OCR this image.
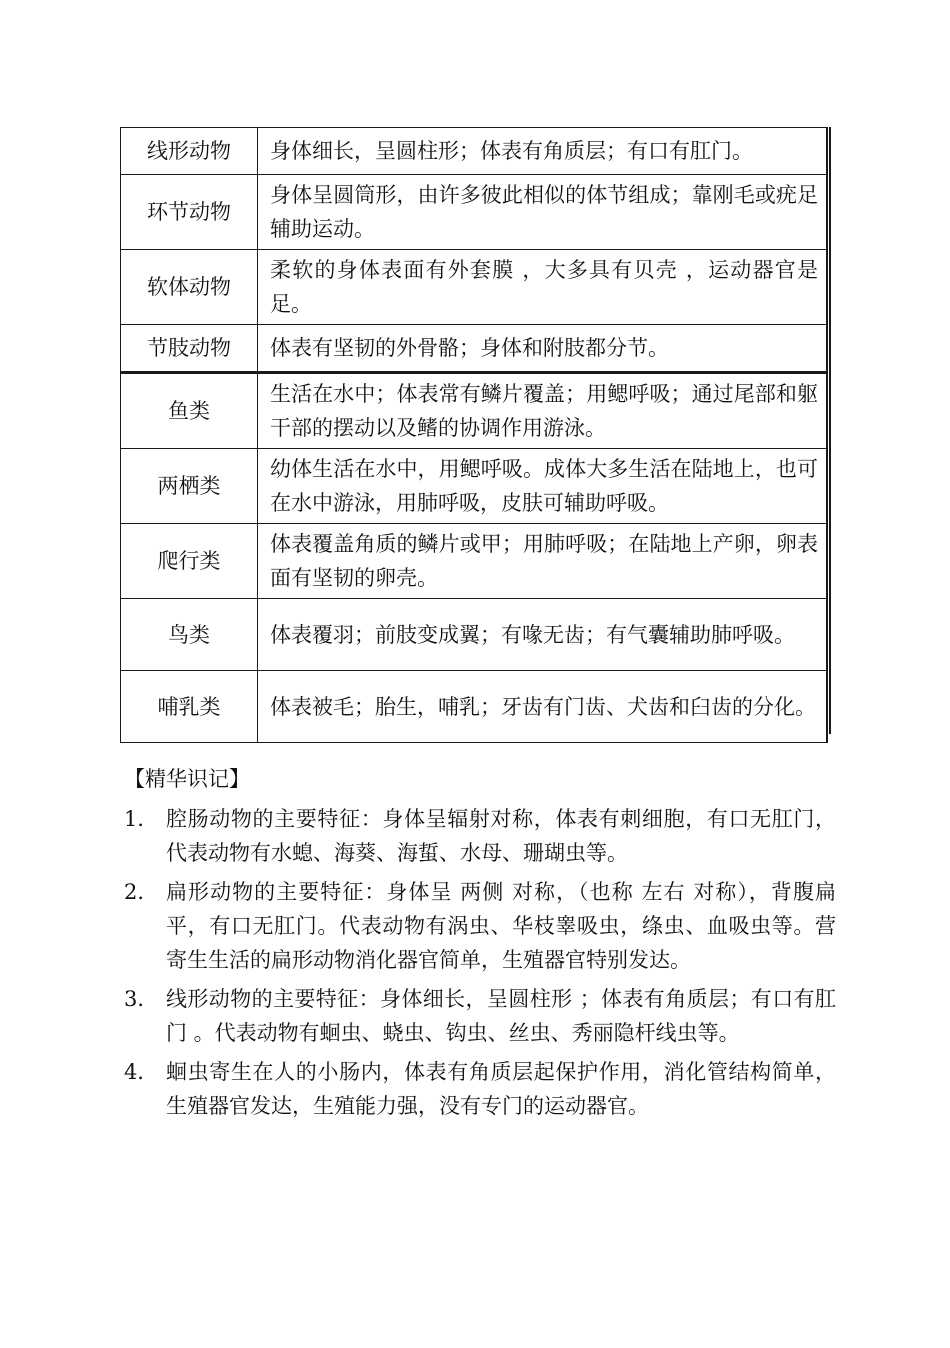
线形动物	身体细长，呈圆柱形；体表有角质层；有口有肛门。
环节动物	身体呈圆筒形，由许多彼此相似的体节组成；靠刚毛或疣足辅助运动。
软体动物	柔软的身体表面有外套膜 ，大多具有贝壳 ，运动器官是足。
节肢动物	体表有坚韧的外骨骼；身体和附肢都分节。
鱼类	生活在水中；体表常有鳞片覆盖；用鳃呼吸；通过尾部和躯干部的摆动以及鳍的协调作用游泳。
两栖类	幼体生活在水中，用鳃呼吸。成体大多生活在陆地上，也可在水中游泳，用肺呼吸，皮肤可辅助呼吸。
爬行类	体表覆盖角质的鳞片或甲；用肺呼吸；在陆地上产卵，卵表面有坚韧的卵壳。
鸟类	体表覆羽；前肢变成翼；有喙无齿；有气囊辅助肺呼吸。
哺乳类	体表被毛；胎生，哺乳；牙齿有门齿、犬齿和臼齿的分化。
【精华识记】
1． 腔肠动物的主要特征：身体呈辐射对称，体表有刺细胞，有口无肛门，代表动物有水螅、海葵、海蜇、水母、珊瑚虫等。
2． 扁形动物的主要特征：身体呈 两侧 对称，（也称 左右 对称），背腹扁平，有口无肛门。代表动物有涡虫、华枝睾吸虫，绦虫、血吸虫等。营寄生生活的扁形动物消化器官简单，生殖器官特别发达。
3． 线形动物的主要特征：身体细长，呈圆柱形 ；体表有角质层；有口有肛门 。代表动物有蛔虫、蛲虫、钩虫、丝虫、秀丽隐杆线虫等。
4． 蛔虫寄生在人的小肠内，体表有角质层起保护作用，消化管结构简单，生殖器官发达，生殖能力强，没有专门的运动器官。
